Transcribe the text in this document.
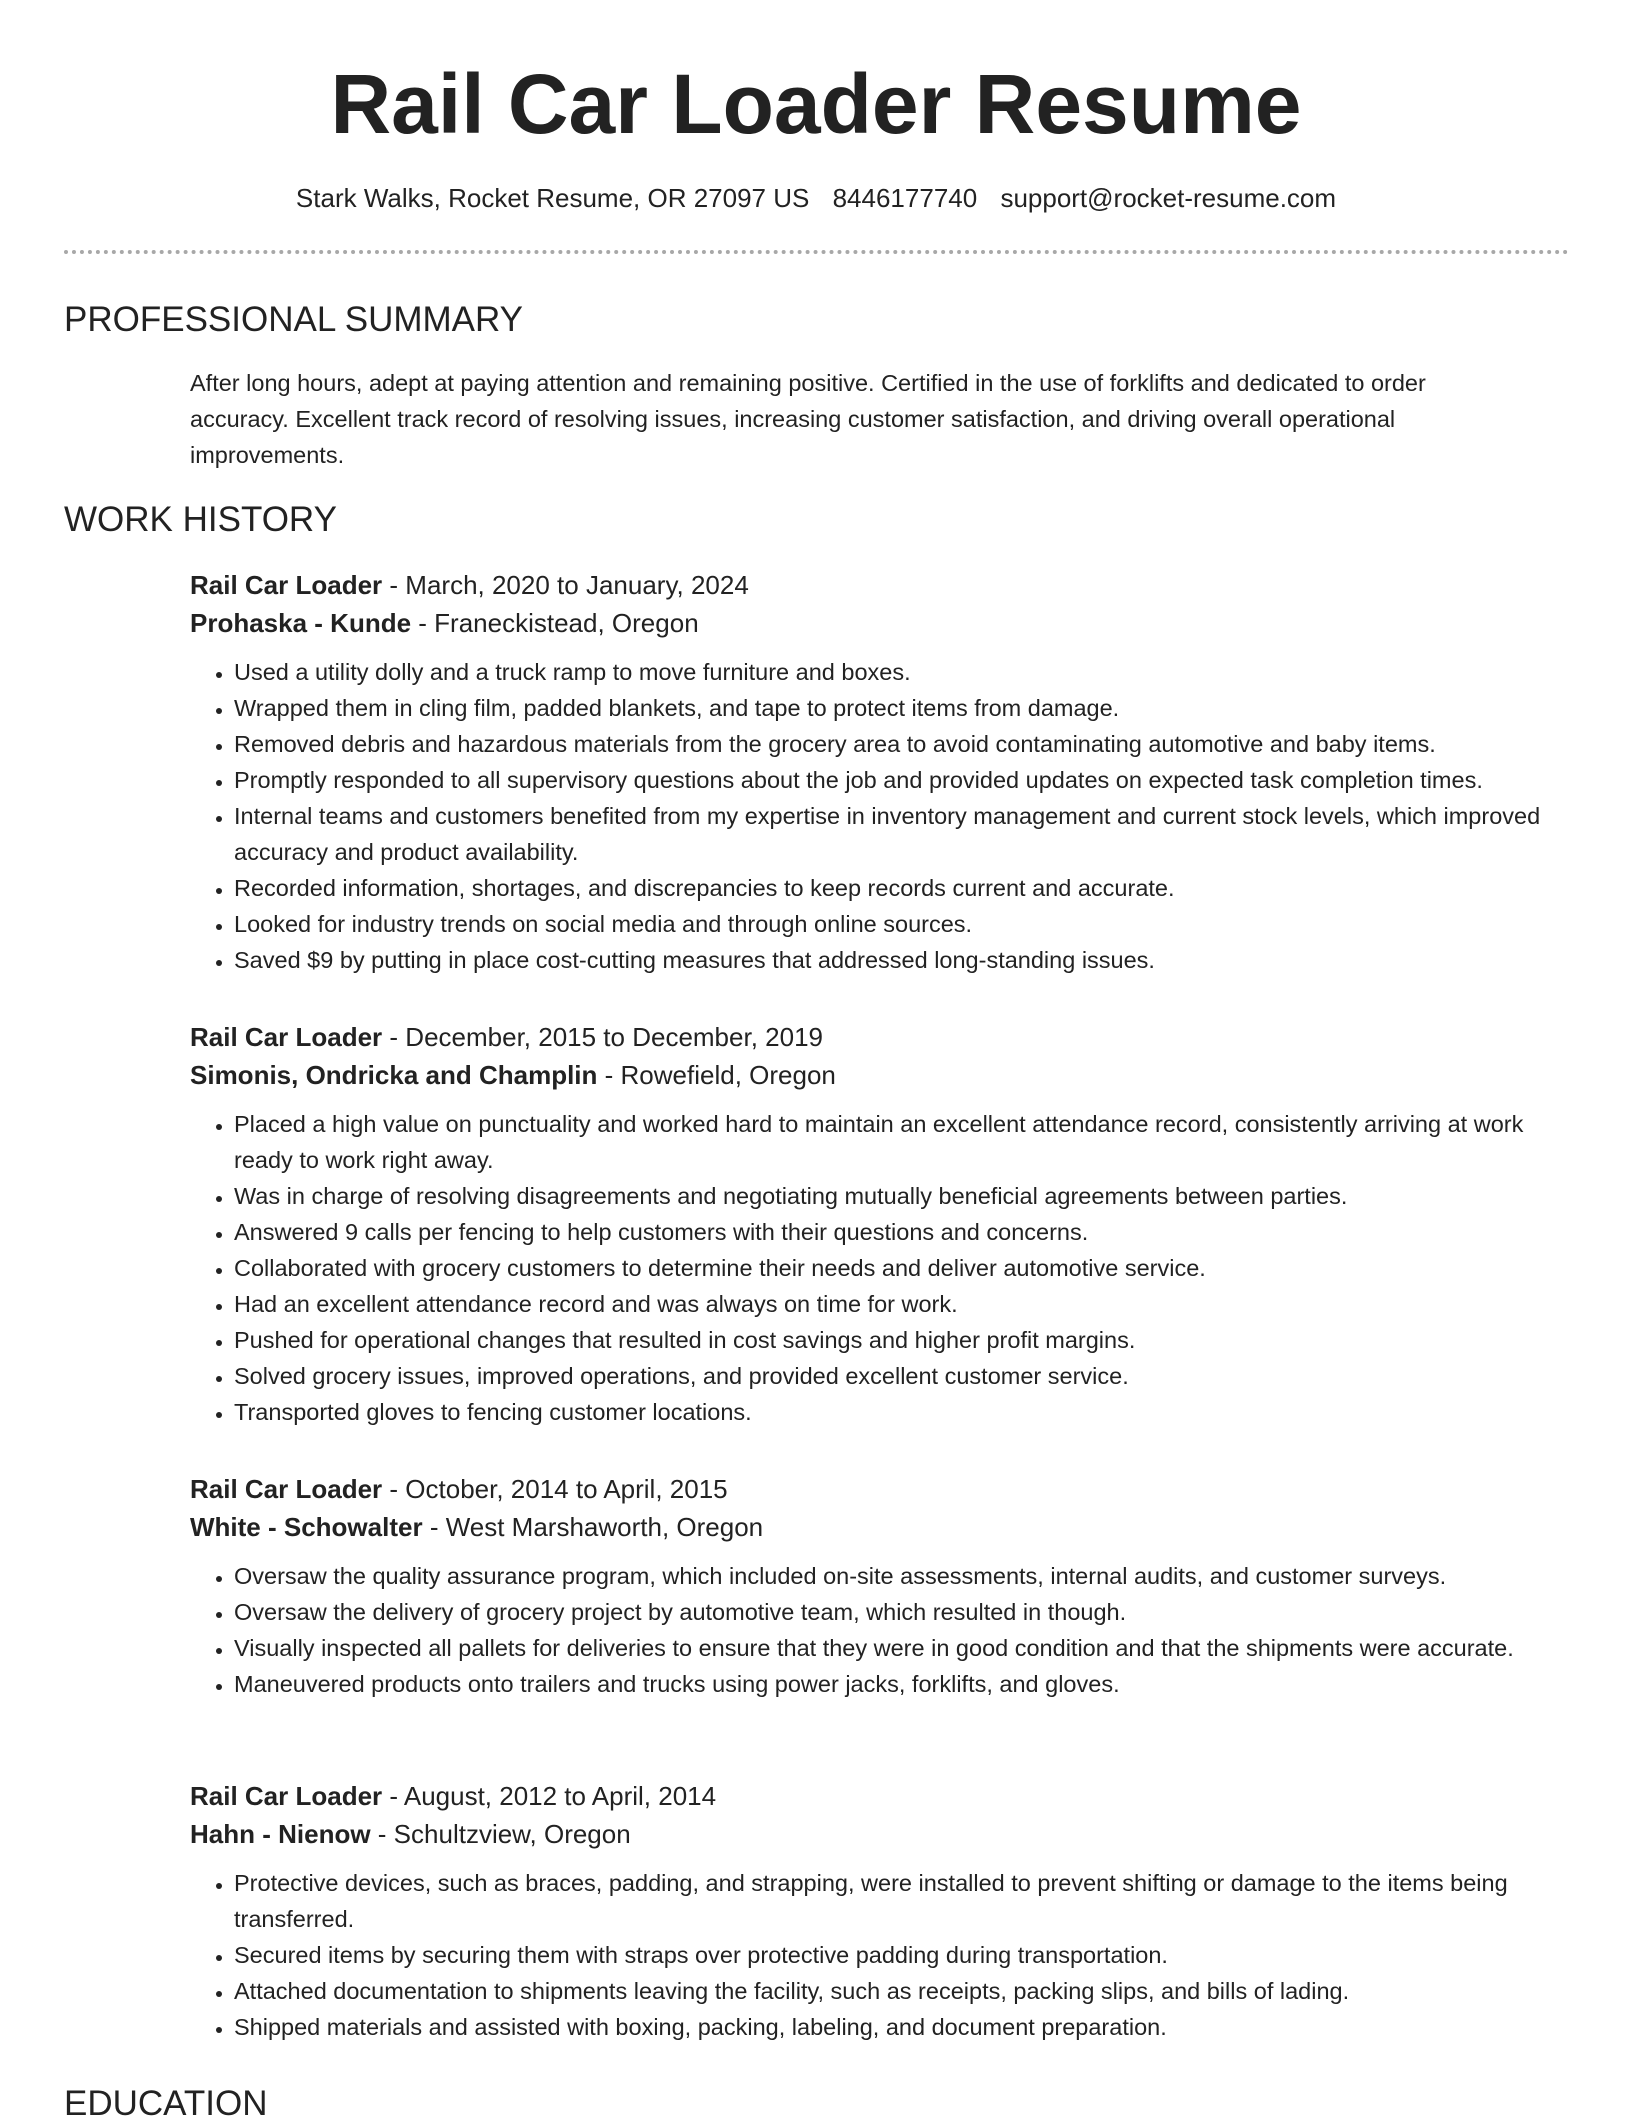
Rail Car Loader Resume
Stark Walks, Rocket Resume, OR 27097 US 8446177740 support@rocket-resume.com
PROFESSIONAL SUMMARY

After long hours, adept at paying attention and remaining positive. Certified in the use of forklifts and dedicated to order accuracy. Excellent track record of resolving issues, increasing customer satisfaction, and driving overall operational improvements.

WORK HISTORY
Rail Car Loader - March, 2020 to January, 2024
Prohaska - Kunde - Franeckistead, Oregon
• Used a utility dolly and a truck ramp to move furniture and boxes.
• Wrapped them in cling film, padded blankets, and tape to protect items from damage.
• Removed debris and hazardous materials from the grocery area to avoid contaminating automotive and baby items.
• Promptly responded to all supervisory questions about the job and provided updates on expected task completion times.
• Internal teams and customers benefited from my expertise in inventory management and current stock levels, which improved accuracy and product availability.
• Recorded information, shortages, and discrepancies to keep records current and accurate.
• Looked for industry trends on social media and through online sources.
• Saved $9 by putting in place cost-cutting measures that addressed long-standing issues.
Rail Car Loader - December, 2015 to December, 2019
Simonis, Ondricka and Champlin - Rowefield, Oregon
• Placed a high value on punctuality and worked hard to maintain an excellent attendance record, consistently arriving at work ready to work right away.
• Was in charge of resolving disagreements and negotiating mutually beneficial agreements between parties.
• Answered 9 calls per fencing to help customers with their questions and concerns.
• Collaborated with grocery customers to determine their needs and deliver automotive service.
• Had an excellent attendance record and was always on time for work.
• Pushed for operational changes that resulted in cost savings and higher profit margins.
• Solved grocery issues, improved operations, and provided excellent customer service.
• Transported gloves to fencing customer locations.
Rail Car Loader - October, 2014 to April, 2015
White - Schowalter - West Marshaworth, Oregon
• Oversaw the quality assurance program, which included on-site assessments, internal audits, and customer surveys.
• Oversaw the delivery of grocery project by automotive team, which resulted in though.
• Visually inspected all pallets for deliveries to ensure that they were in good condition and that the shipments were accurate.
• Maneuvered products onto trailers and trucks using power jacks, forklifts, and gloves.
Rail Car Loader - August, 2012 to April, 2014
Hahn - Nienow - Schultzview, Oregon
• Protective devices, such as braces, padding, and strapping, were installed to prevent shifting or damage to the items being transferred.
• Secured items by securing them with straps over protective padding during transportation.
• Attached documentation to shipments leaving the facility, such as receipts, packing slips, and bills of lading.
• Shipped materials and assisted with boxing, packing, labeling, and document preparation.
EDUCATION
